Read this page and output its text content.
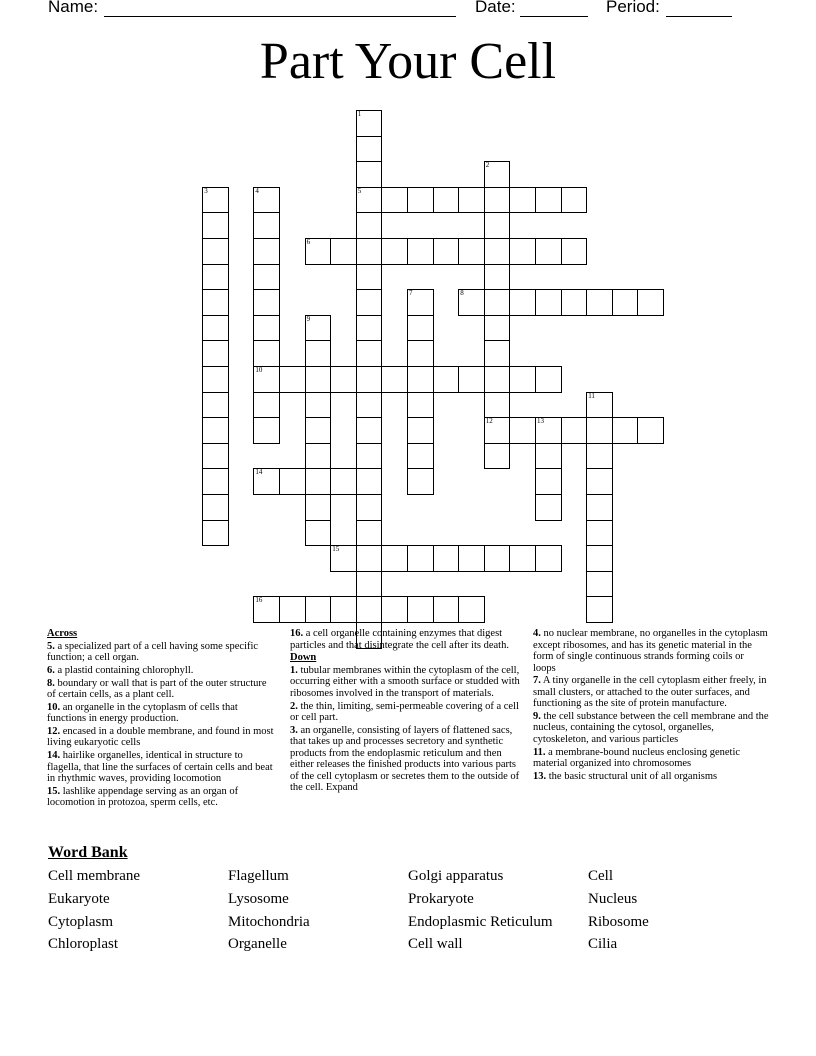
Name:	Date:	Period:
Part Your Cell
1
5
2
12
3	4
10
6
7	8
9
11
13
14
15
16
Across
5. a specialized part of a cell having some specific function; a cell organ.
6. a plastid containing chlorophyll.
8. boundary or wall that is part of the outer structure of certain cells, as a plant cell.
10. an organelle in the cytoplasm of cells that functions in energy production.
12. encased in a double membrane, and found in most living eukaryotic cells
14. hairlike organelles, identical in structure to flagella, that line the surfaces of certain cells and beat in rhythmic waves, providing locomotion
15. lashlike appendage serving as an organ of locomotion in protozoa, sperm cells, etc.
16. a cell organelle containing enzymes that digest particles and that disintegrate the cell after its death.
Down
1. tubular membranes within the cytoplasm of the cell, occurring either with a smooth surface or studded with ribosomes involved in the transport of materials.
2. the thin, limiting, semi-permeable covering of a cell or cell part.
3. an organelle, consisting of layers of flattened sacs, that takes up and processes secretory and synthetic products from the endoplasmic reticulum and then either releases the finished products into various parts of the cell cytoplasm or secretes them to the outside of the cell. Expand
4. no nuclear membrane, no organelles in the cytoplasm except ribosomes, and has its genetic material in the form of single continuous strands forming coils or loops
7. A tiny organelle in the cell cytoplasm either freely, in small clusters, or attached to the outer surfaces, and functioning as the site of protein manufacture.
9. the cell substance between the cell membrane and the nucleus, containing the cytosol, organelles, cytoskeleton, and various particles
11. a membrane-bound nucleus enclosing genetic material organized into chromosomes
13. the basic structural unit of all organisms
Word Bank
Cell membrane
Eukaryote
Cytoplasm
Chloroplast
Flagellum
Lysosome
Mitochondria
Organelle
Golgi apparatus
Prokaryote
Endoplasmic Reticulum
Cell wall
Cell
Nucleus
Ribosome
Cilia
